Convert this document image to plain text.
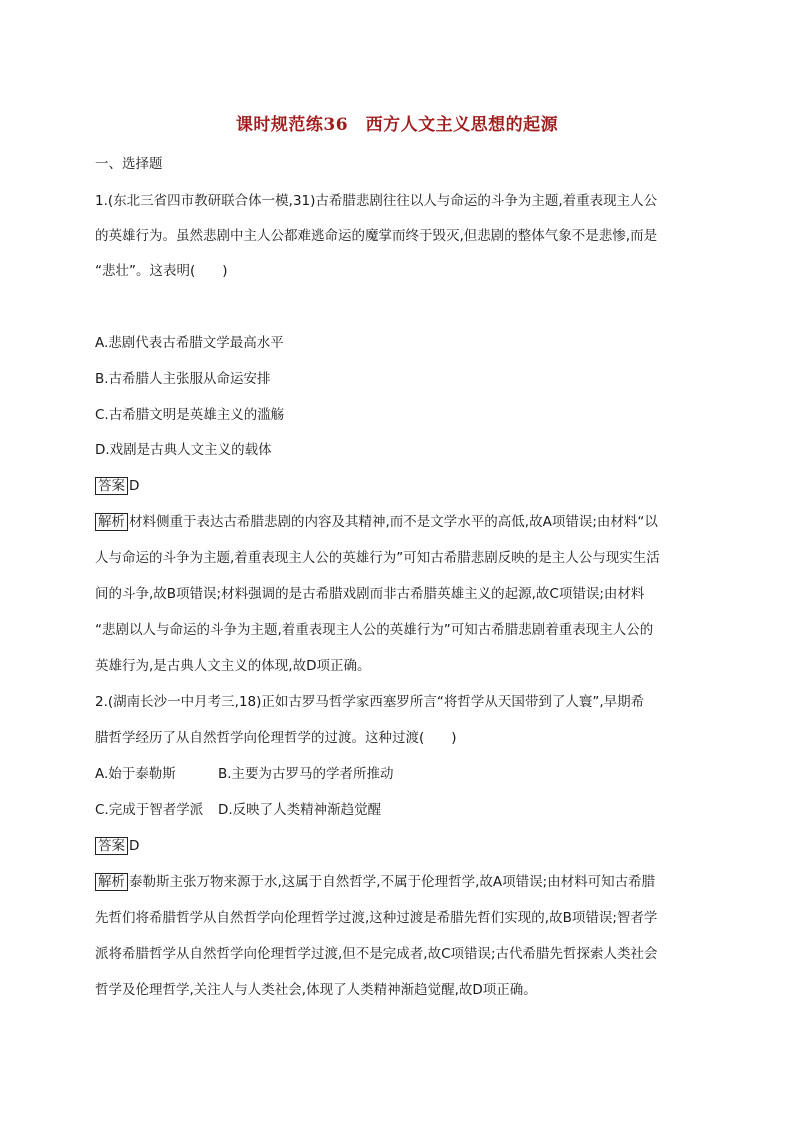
课时规范练36　西方人文主义思想的起源
一、选择题
1.(东北三省四市教研联合体一模,31)古希腊悲剧往往以人与命运的斗争为主题,着重表现主人公
的英雄行为。虽然悲剧中主人公都难逃命运的魔掌而终于毁灭,但悲剧的整体气象不是悲惨,而是
“悲壮”。这表明(　　)
A.悲剧代表古希腊文学最高水平
B.古希腊人主张服从命运安排
C.古希腊文明是英雄主义的滥觞
D.戏剧是古典人文主义的载体
答案 D
解析 材料侧重于表达古希腊悲剧的内容及其精神,而不是文学水平的高低,故A项错误;由材料“以
人与命运的斗争为主题,着重表现主人公的英雄行为”可知古希腊悲剧反映的是主人公与现实生活
间的斗争,故B项错误;材料强调的是古希腊戏剧而非古希腊英雄主义的起源,故C项错误;由材料
“悲剧以人与命运的斗争为主题,着重表现主人公的英雄行为”可知古希腊悲剧着重表现主人公的
英雄行为,是古典人文主义的体现,故D项正确。
2.(湖南长沙一中月考三,18)正如古罗马哲学家西塞罗所言“将哲学从天国带到了人寰”,早期希
腊哲学经历了从自然哲学向伦理哲学的过渡。这种过渡(　　)
A.始于泰勒斯	B.主要为古罗马的学者所推动
C.完成于智者学派 D.反映了人类精神渐趋觉醒
答案 D
解析 泰勒斯主张万物来源于水,这属于自然哲学,不属于伦理哲学,故A项错误;由材料可知古希腊
先哲们将希腊哲学从自然哲学向伦理哲学过渡,这种过渡是希腊先哲们实现的,故B项错误;智者学
派将希腊哲学从自然哲学向伦理哲学过渡,但不是完成者,故C项错误;古代希腊先哲探索人类社会
哲学及伦理哲学,关注人与人类社会,体现了人类精神渐趋觉醒,故D项正确。
